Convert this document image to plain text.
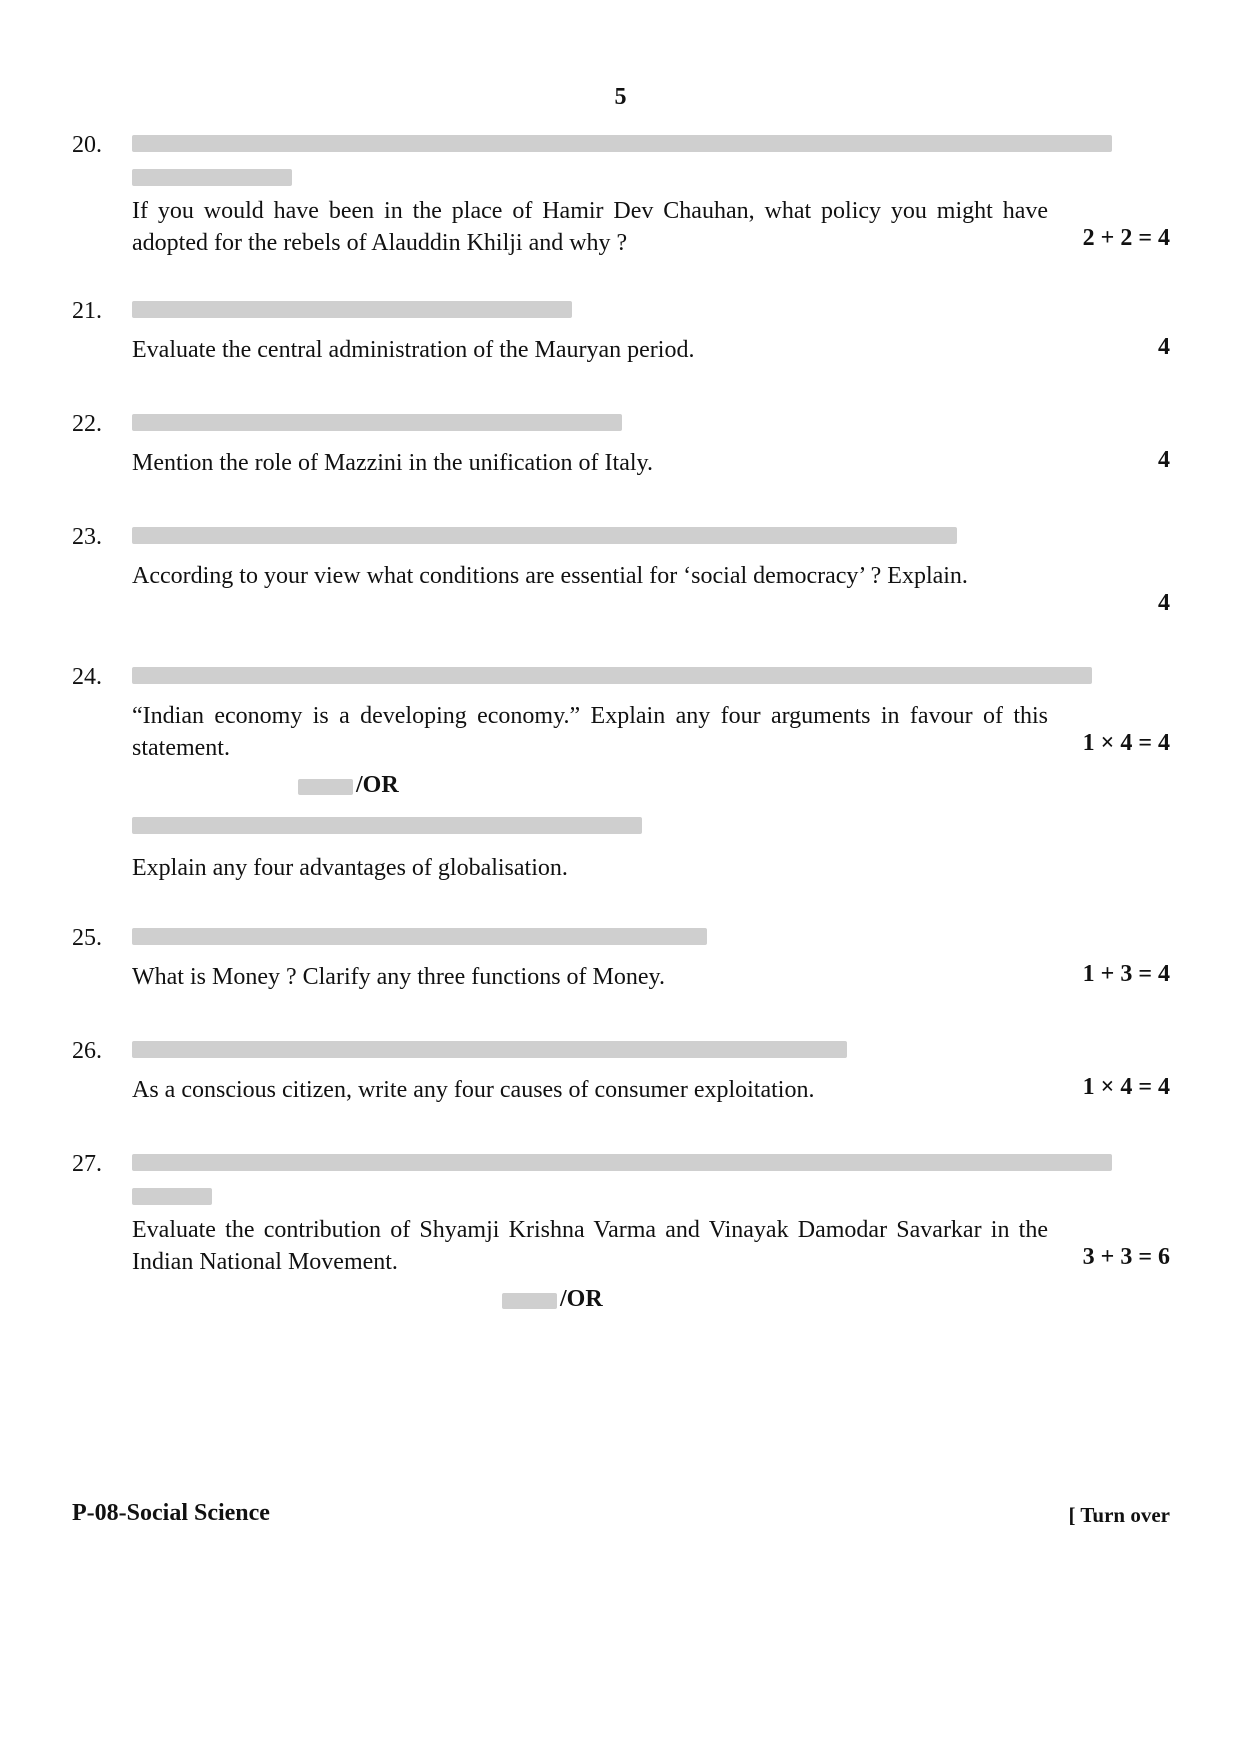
5
20.
If you would have been in the place of Hamir Dev Chauhan, what policy you might have adopted for the rebels of Alauddin Khilji and why ?	2 + 2 = 4
21.
Evaluate the central administration of the Mauryan period.	4
22.
Mention the role of Mazzini in the unification of Italy.	4
23.
According to your view what conditions are essential for ‘social democracy’ ? Explain.
4
24.
“Indian economy is a developing economy.” Explain any four arguments in favour of this statement.	1 × 4 = 4
/OR
Explain any four advantages of globalisation.
25.
What is Money ? Clarify any three functions of Money.	1 + 3 = 4
26.
As a conscious citizen, write any four causes of consumer exploitation.	1 × 4 = 4
27.
Evaluate the contribution of Shyamji Krishna Varma and Vinayak Damodar Savarkar in the Indian National Movement.	3 + 3 = 6
/OR
P-08-Social Science	[ Turn over
